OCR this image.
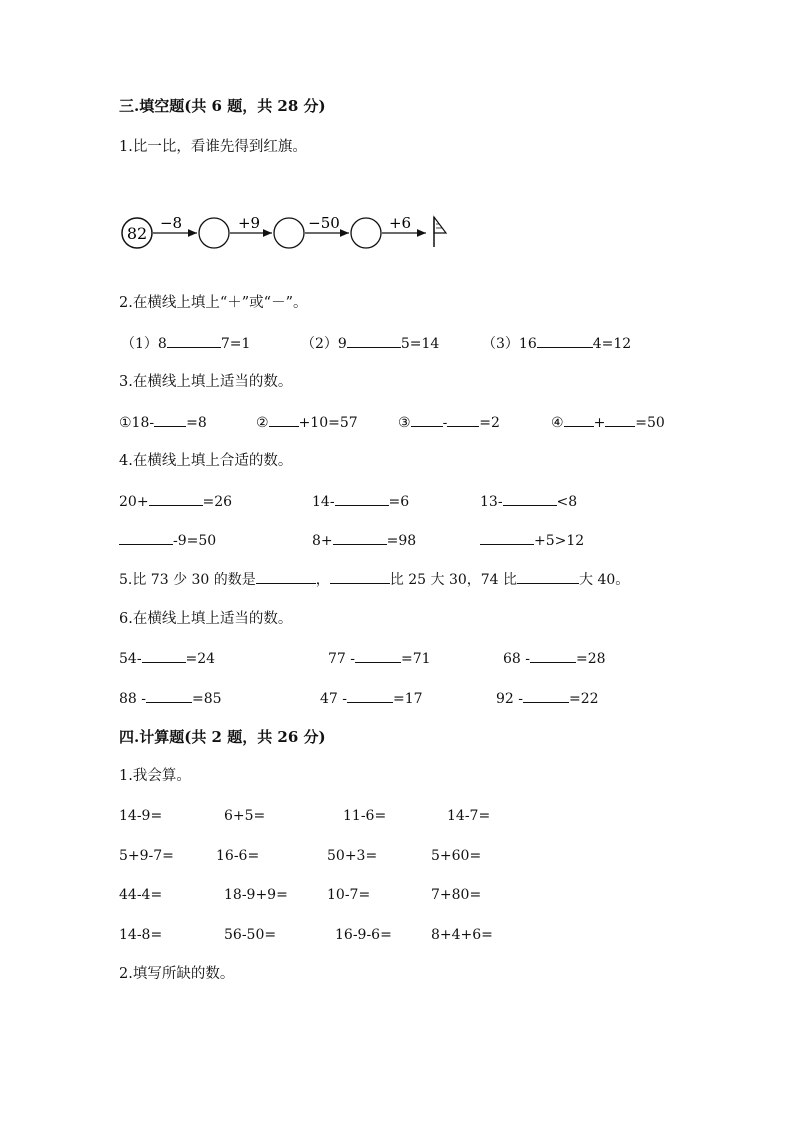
三.填空题(共 6 题，共 28 分)
1.比一比，看谁先得到红旗。
82
−8	+9	−50	+6
2.在横线上填上“＋”或“－”。
（1）8	7=1	（2）9	5=14	（3）16	4=12
3.在横线上填上适当的数。
①18- =8	② +10=57	③ - =2	④ + =50
4.在横线上填上合适的数。
20+	=26	14-	=6	13-	<8
-9=50	8+	=98	+5>12
5.比 73 少 30 的数是	，	比 25 大 30，74 比	大 40。
6.在横线上填上适当的数。
54-	=24	77 -	=71	68 -	=28
88 -	=85	47 -	=17	92 -	=22
四.计算题(共 2 题，共 26 分)
1.我会算。
14-9=	6+5=	11-6=	14-7=
5+9-7=	16-6=	50+3=	5+60=
44-4=	18-9+9=	10-7=	7+80=
14-8=	56-50=	16-9-6=	8+4+6=
2.填写所缺的数。
